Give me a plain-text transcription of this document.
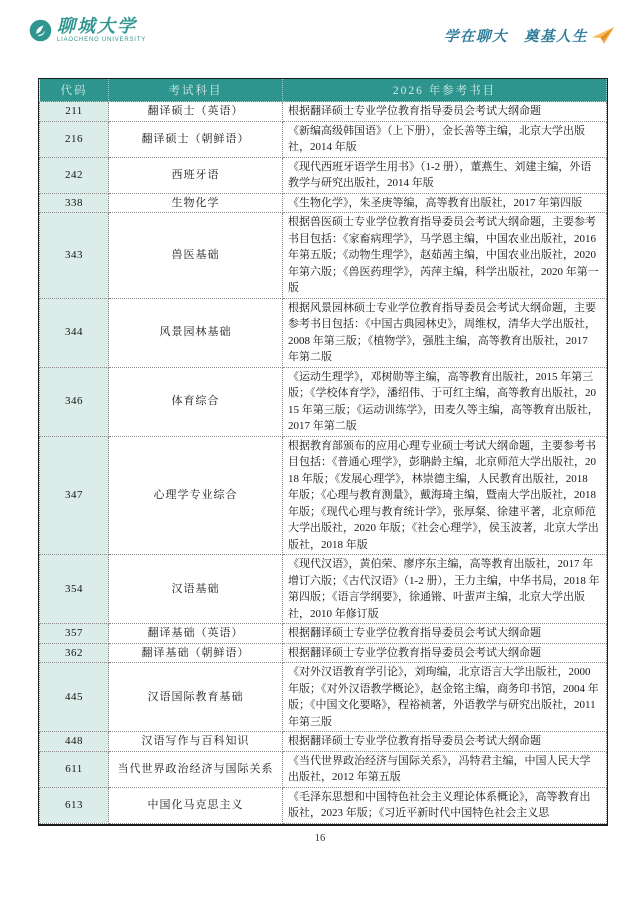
聊城大学
LIAOCHENG UNIVERSITY	学在聊大　奠基人生
代码	考试科目	2026 年参考书目
211	翻译硕士（英语）	根据翻译硕士专业学位教育指导委员会考试大纲命题
216	翻译硕士（朝鲜语）	《新编高级韩国语》（上下册），金长善等主编，北京大学出版社，2014 年版
242	西班牙语	《现代西班牙语学生用书》（1-2 册），董燕生、刘建主编，外语教学与研究出版社，2014 年版
338	生物化学	《生物化学》，朱圣庚等编，高等教育出版社，2017 年第四版
343	兽医基础	根据兽医硕士专业学位教育指导委员会考试大纲命题，主要参考书目包括：《家畜病理学》，马学恩主编，中国农业出版社，2016 年第五版；《动物生理学》，赵茹茜主编，中国农业出版社，2020 年第六版；《兽医药理学》，芮萍主编，科学出版社，2020 年第一版
344	风景园林基础	根据风景园林硕士专业学位教育指导委员会考试大纲命题，主要参考书目包括：《中国古典园林史》，周维权，清华大学出版社，2008 年第三版；《植物学》，强胜主编，高等教育出版社，2017 年第二版
346	体育综合	《运动生理学》，邓树勋等主编，高等教育出版社，2015 年第三版；《学校体育学》，潘绍伟、于可红主编，高等教育出版社，2015 年第三版；《运动训练学》，田麦久等主编，高等教育出版社，2017 年第二版
347	心理学专业综合	根据教育部颁布的应用心理专业硕士考试大纲命题，主要参考书目包括：《普通心理学》，彭聃龄主编，北京师范大学出版社，2018 年版；《发展心理学》，林崇德主编，人民教育出版社，2018 年版；《心理与教育测量》，戴海琦主编，暨南大学出版社，2018 年版；《现代心理与教育统计学》，张厚粲、徐建平著，北京师范大学出版社，2020 年版；《社会心理学》，侯玉波著，北京大学出版社，2018 年版
354	汉语基础	《现代汉语》，黄伯荣、廖序东主编，高等教育出版社，2017 年增订六版；《古代汉语》（1-2 册），王力主编，中华书局，2018 年第四版；《语言学纲要》，徐通锵、叶蜚声主编，北京大学出版社，2010 年修订版
357	翻译基础（英语）	根据翻译硕士专业学位教育指导委员会考试大纲命题
362	翻译基础（朝鲜语）	根据翻译硕士专业学位教育指导委员会考试大纲命题
445	汉语国际教育基础	《对外汉语教育学引论》，刘珣编，北京语言大学出版社，2000 年版；《对外汉语教学概论》，赵金铭主编，商务印书馆，2004 年版；《中国文化要略》，程裕祯著，外语教学与研究出版社，2011 年第三版
448	汉语写作与百科知识	根据翻译硕士专业学位教育指导委员会考试大纲命题
611	当代世界政治经济与国际关系	《当代世界政治经济与国际关系》，冯特君主编，中国人民大学出版社，2012 年第五版
613	中国化马克思主义	《毛泽东思想和中国特色社会主义理论体系概论》，高等教育出版社，2023 年版；《习近平新时代中国特色社会主义思
16
